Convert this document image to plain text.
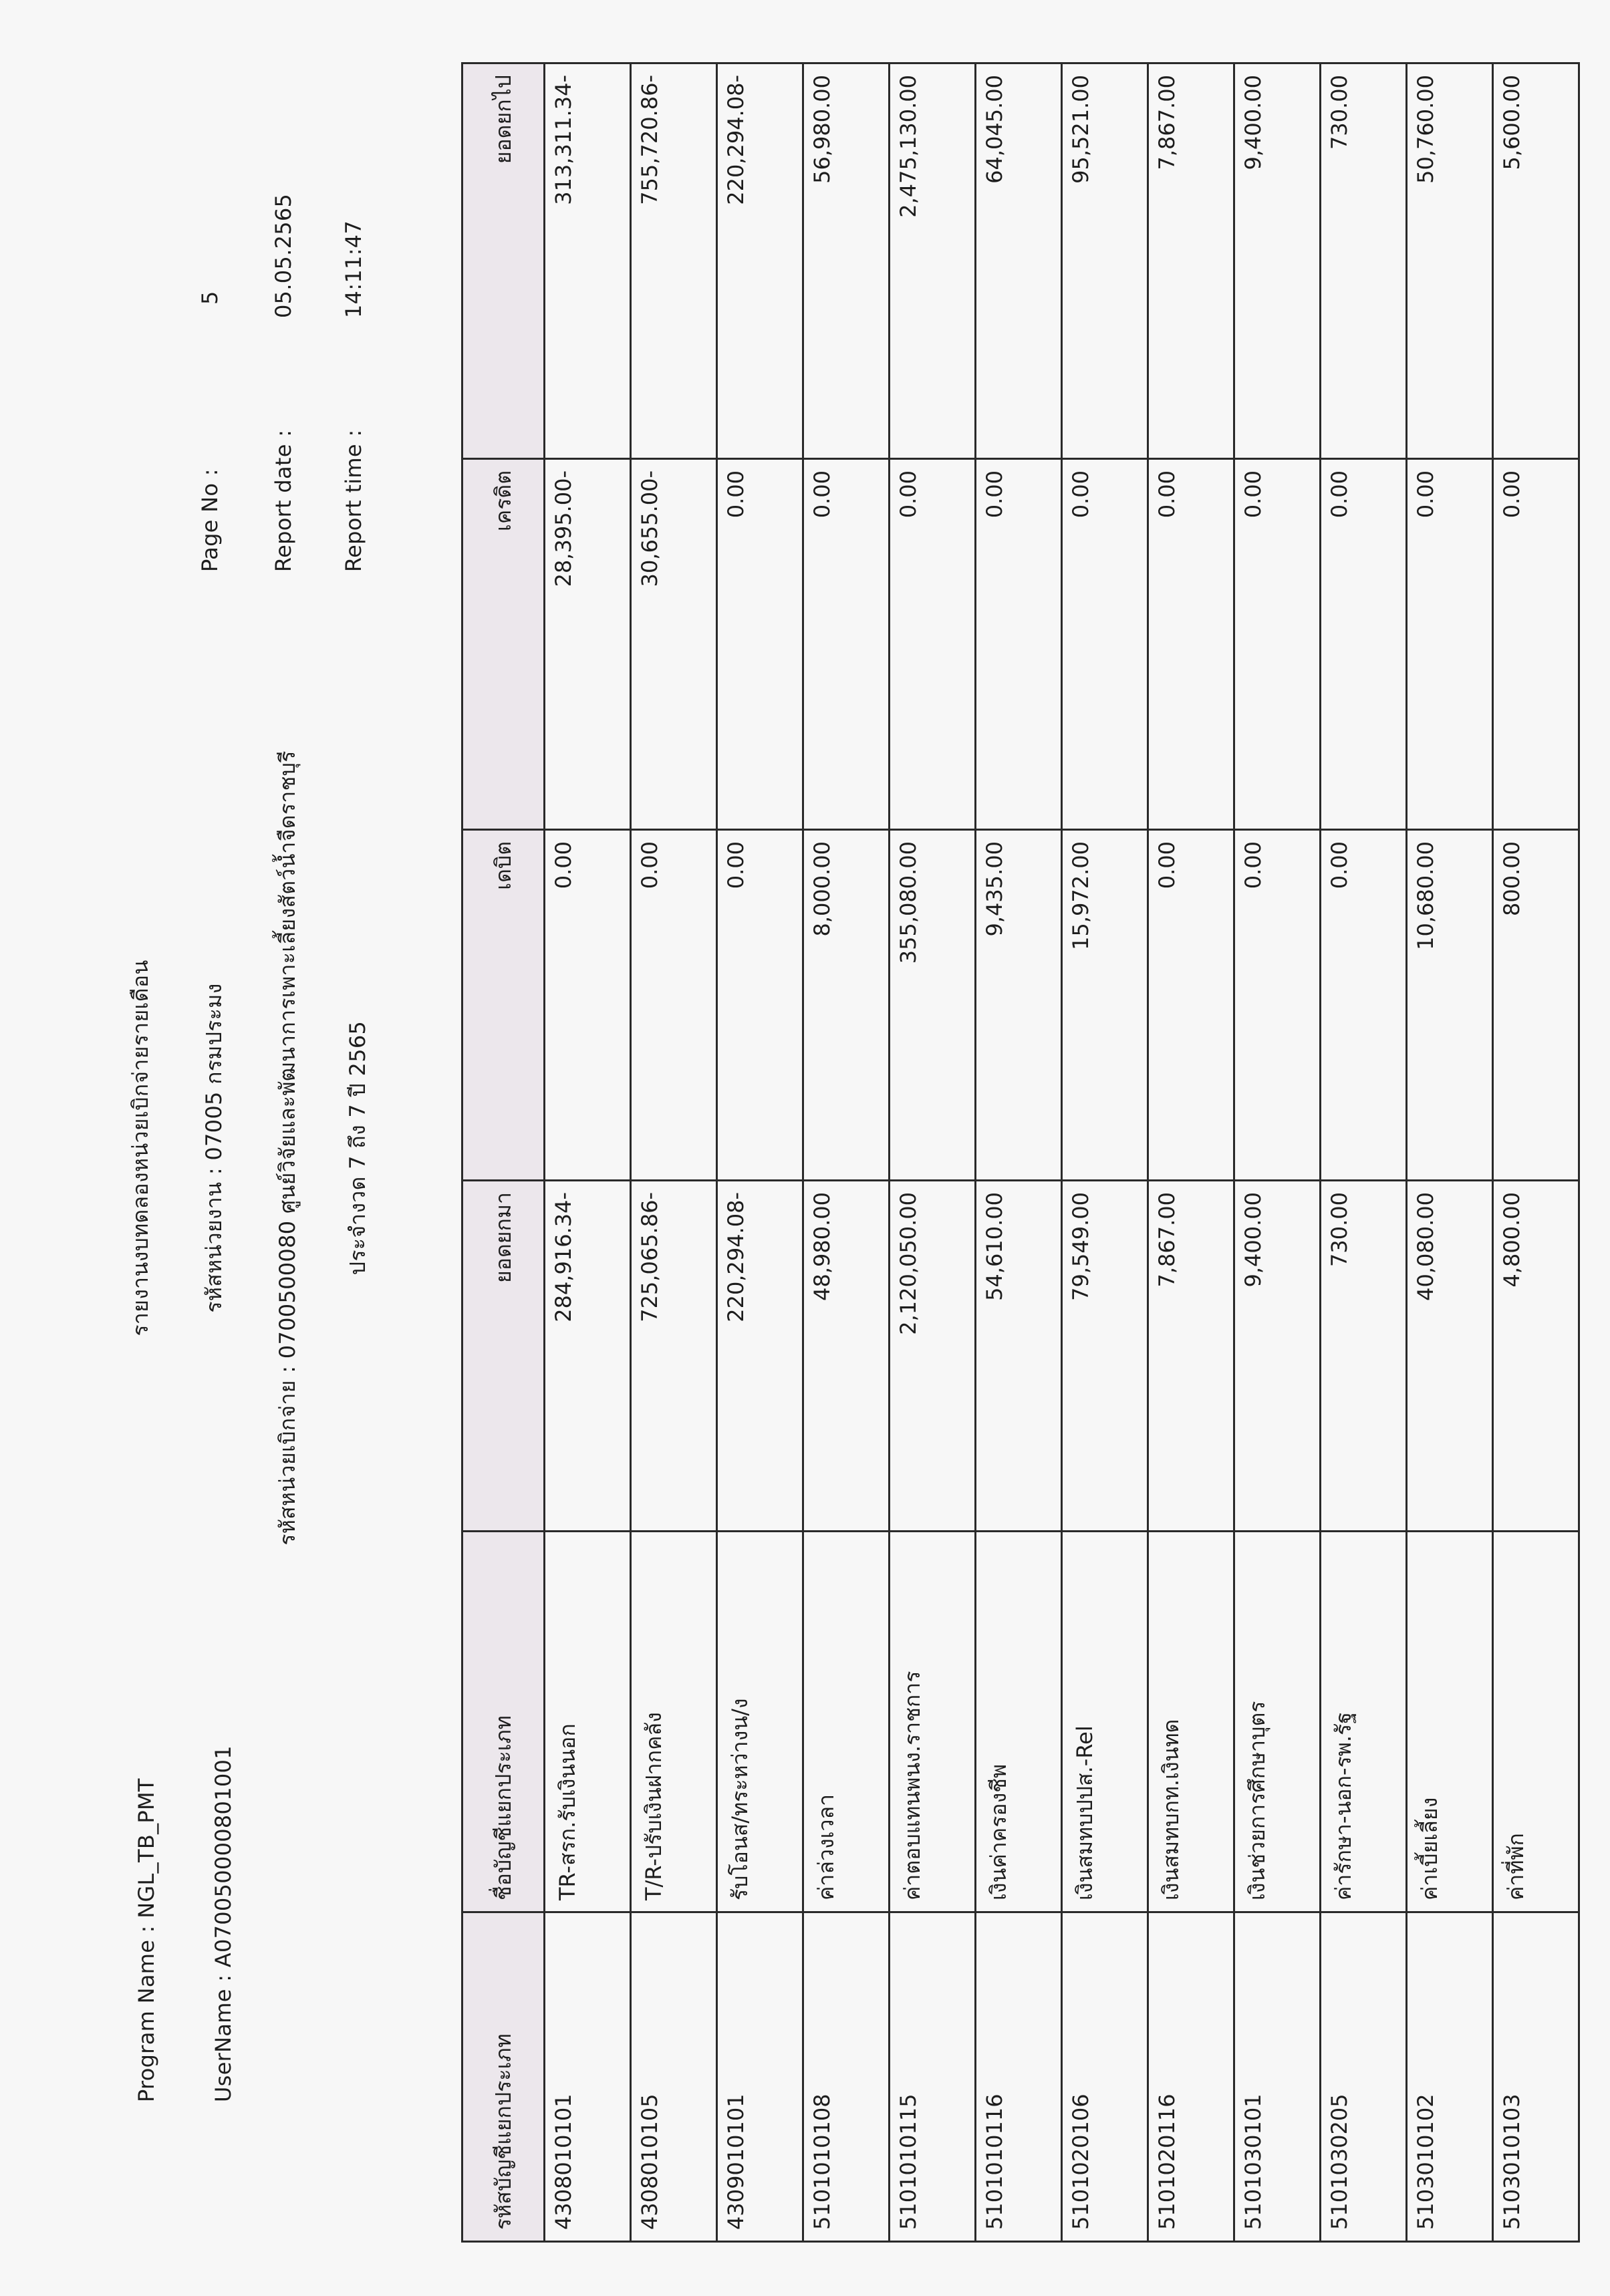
Program Name : NGL_TB_PMT UserName : A070050000801001
รายงานงบทดลองหน่วยเบิกจ่ายรายเดือน รหัสหน่วยงาน : 07005 กรมประมง รหัสหน่วยเบิกจ่าย : 0700500080 ศูนย์วิจัยและพัฒนาการเพาะเลี้ยงสัตว์น้ำจืดราชบุรี ประจำงวด 7 ถึง 7 ปี 2565
Page No :
5
Report date :
05.05.2565
Report time :
14:11:47
รหัสบัญชีแยกประเภท	ชื่อบัญชีแยกประเภท	ยอดยกมา	เดบิต	เครดิต	ยอดยกไป
4308010101	TR-สรก.รับเงินนอก	284,916.34-	0.00	28,395.00-	313,311.34-
4308010105	T/R-ปรับเงินฝากคลัง	725,065.86-	0.00	30,655.00-	755,720.86-
4309010101	รับโอนส/ทระหว่างน/ง	220,294.08-	0.00	0.00	220,294.08-
5101010108	ค่าล่วงเวลา	48,980.00	8,000.00	0.00	56,980.00
5101010115	ค่าตอบแทนพนง.ราชการ	2,120,050.00	355,080.00	0.00	2,475,130.00
5101010116	เงินค่าครองชีพ	54,610.00	9,435.00	0.00	64,045.00
5101020106	เงินสมทบปปส.-Rel	79,549.00	15,972.00	0.00	95,521.00
5101020116	เงินสมทบกท.เงินทด	7,867.00	0.00	0.00	7,867.00
5101030101	เงินช่วยการศึกษาบุตร	9,400.00	0.00	0.00	9,400.00
5101030205	ค่ารักษา-นอก-รพ.รัฐ	730.00	0.00	0.00	730.00
5103010102	ค่าเบี้ยเลี้ยง	40,080.00	10,680.00	0.00	50,760.00
5103010103	ค่าที่พัก	4,800.00	800.00	0.00	5,600.00
